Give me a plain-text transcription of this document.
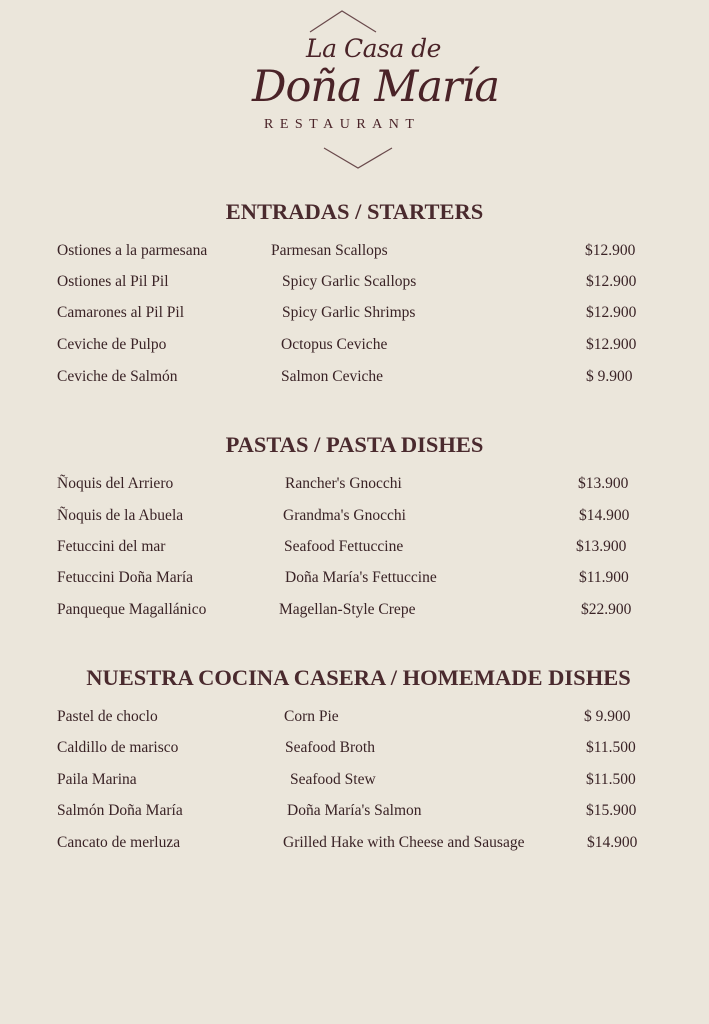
La Casa de
Doña María
RESTAURANT
ENTRADAS / STARTERS

Ostiones a la parmesana	Parmesan Scallops	$12.900

Ostiones al Pil Pil	Spicy Garlic Scallops	$12.900

Camarones al Pil Pil	Spicy Garlic Shrimps	$12.900

Ceviche de Pulpo	Octopus Ceviche	$12.900

Ceviche de Salmón	Salmon Ceviche	$ 9.900

PASTAS / PASTA DISHES

Ñoquis del Arriero	Rancher's Gnocchi	$13.900

Ñoquis de la Abuela	Grandma's Gnocchi	$14.900

Fetuccini del mar	Seafood Fettuccine	$13.900

Fetuccini Doña María	Doña María's Fettuccine	$11.900

Panqueque Magallánico	Magellan-Style Crepe	$22.900

NUESTRA COCINA CASERA / HOMEMADE DISHES

Pastel de choclo	Corn Pie	$ 9.900

Caldillo de marisco	Seafood Broth	$11.500

Paila Marina	Seafood Stew	$11.500

Salmón Doña María	Doña María's Salmon	$15.900

Cancato de merluza	Grilled Hake with Cheese and Sausage	$14.900
